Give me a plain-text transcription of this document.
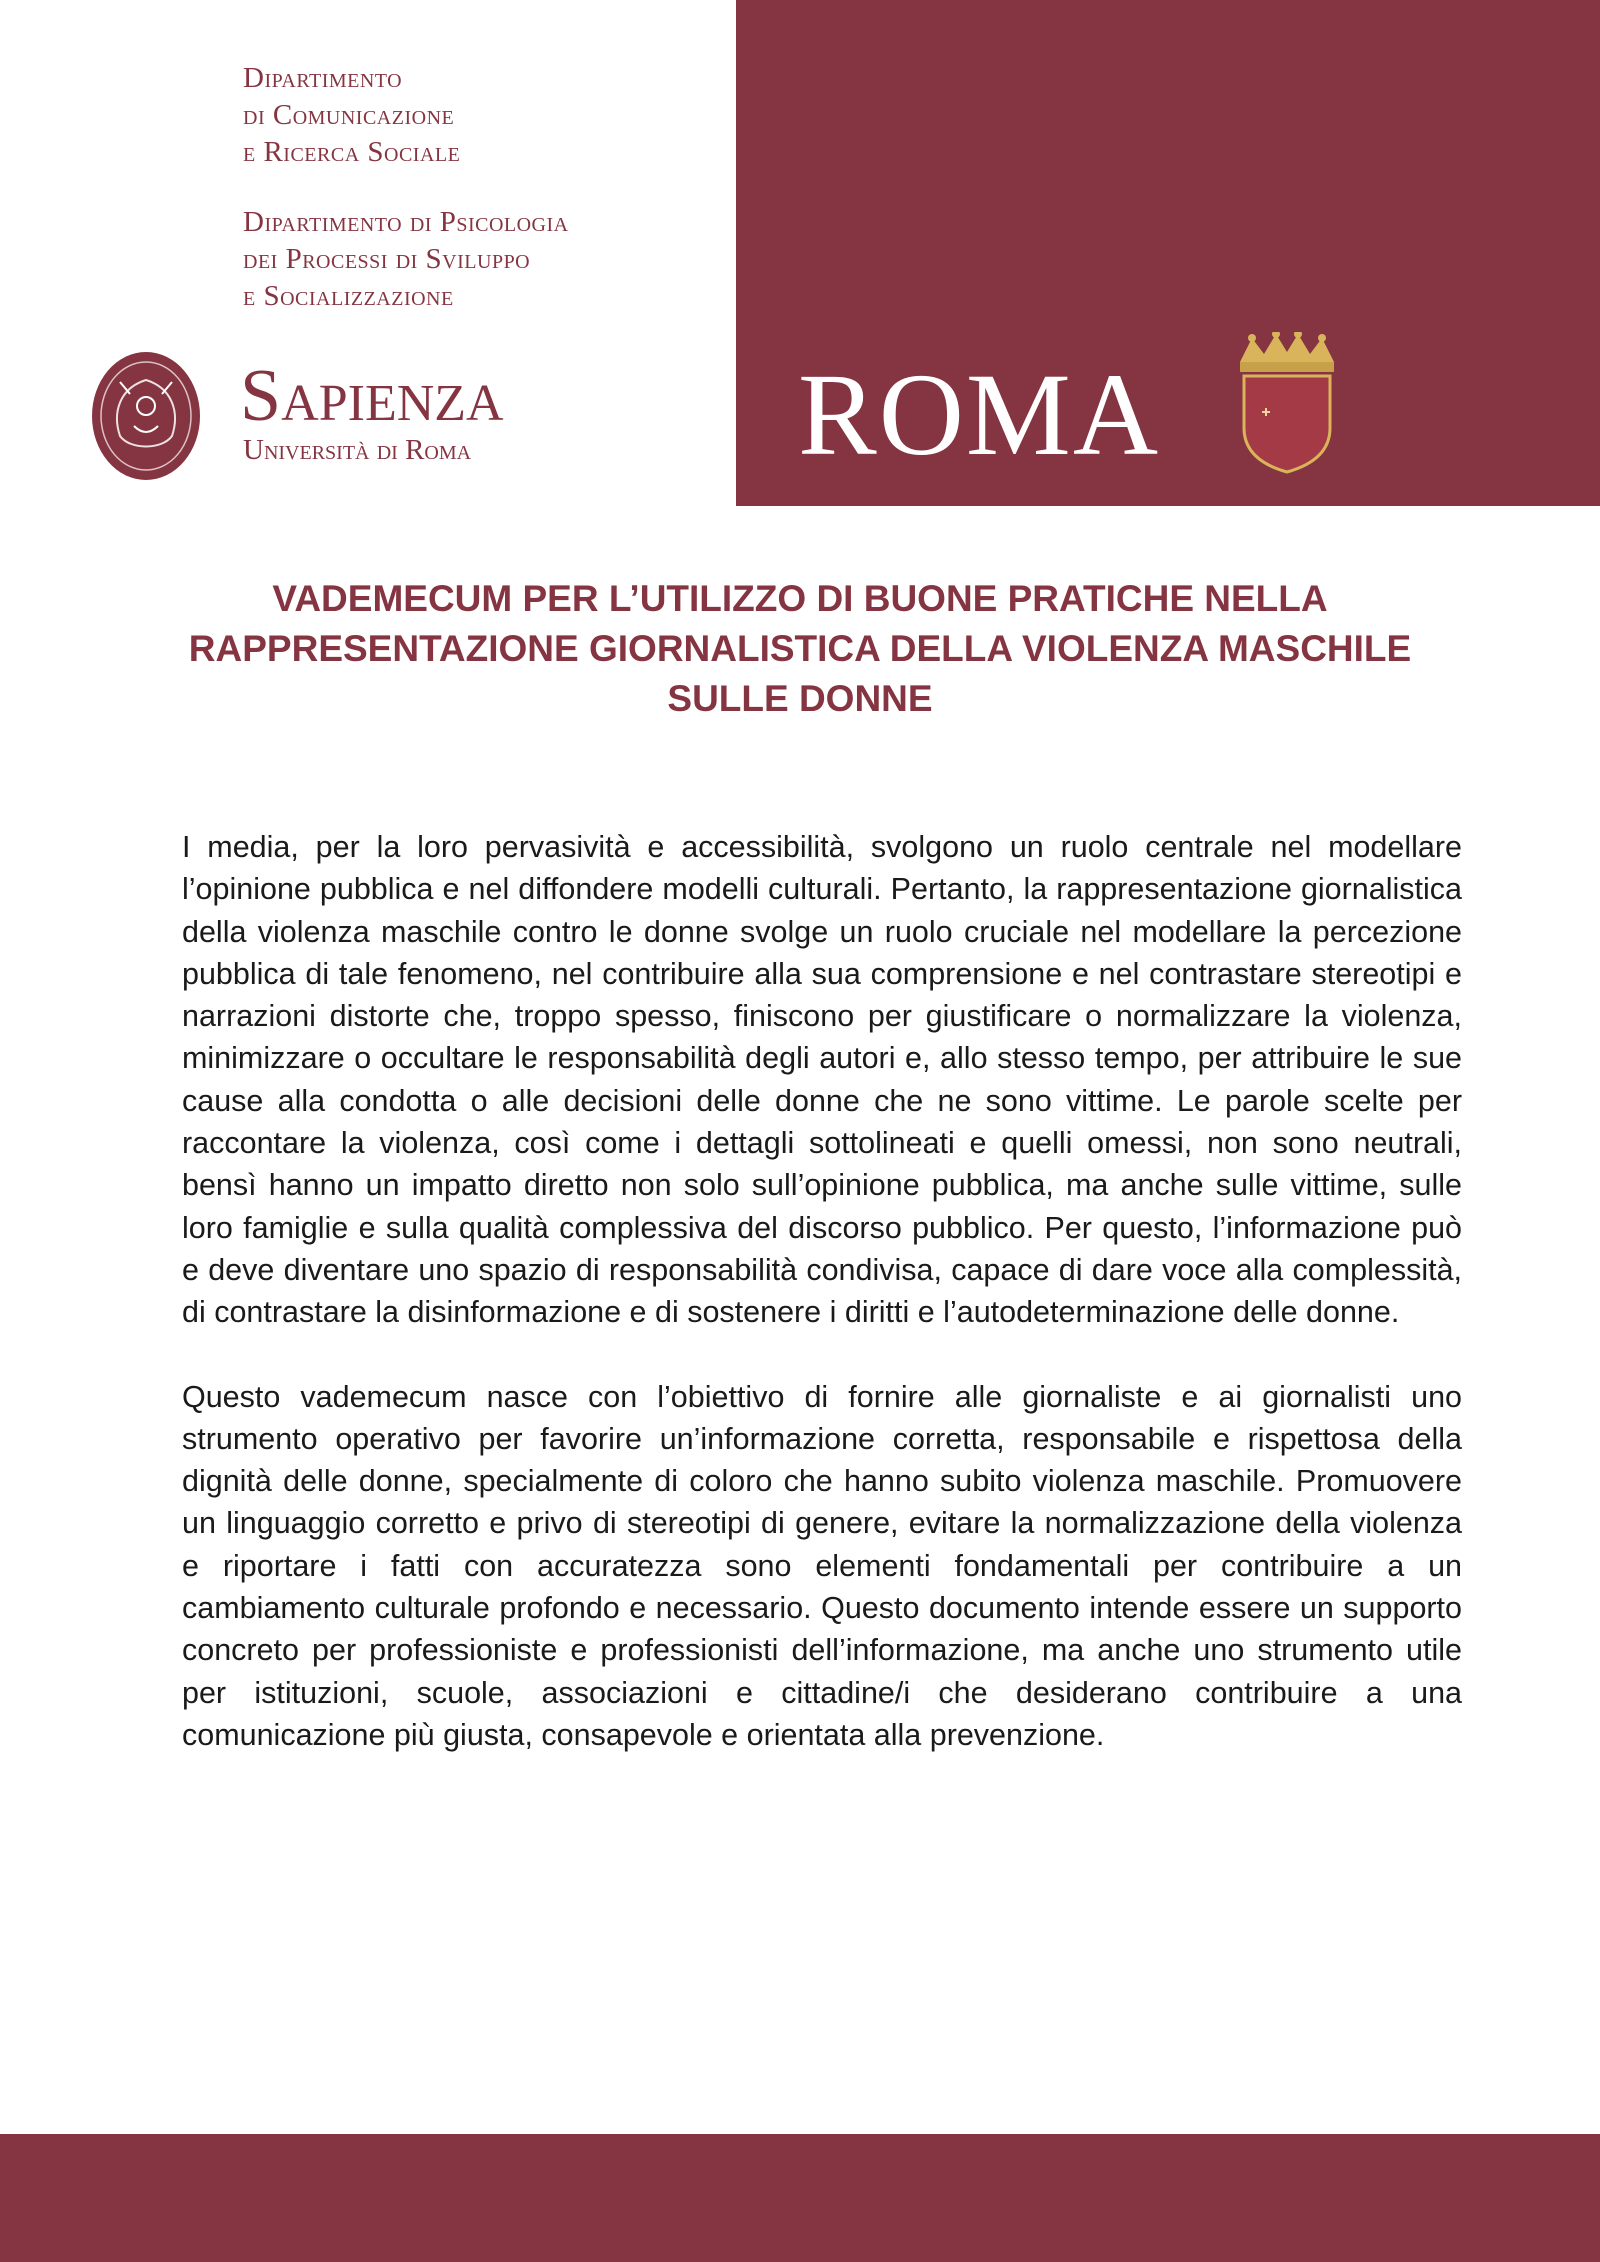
Dipartimento
di Comunicazione
e Ricerca Sociale
Dipartimento di Psicologia
dei Processi di Sviluppo
e Socializzazione
Sapienza
Università di Roma	ROMA
VADEMECUM PER L’UTILIZZO DI BUONE PRATICHE NELLA
RAPPRESENTAZIONE GIORNALISTICA DELLA VIOLENZA MASCHILE
SULLE DONNE

I media, per la loro pervasività e accessibilità, svolgono un ruolo centrale nel modellare l’opinione pubblica e nel diffondere modelli culturali. Pertanto, la rappresentazione giornalistica della violenza maschile contro le donne svolge un ruolo cruciale nel modellare la percezione pubblica di tale fenomeno, nel contribuire alla sua comprensione e nel contrastare stereotipi e narrazioni distorte che, troppo spesso, finiscono per giustificare o normalizzare la violenza, minimizzare o occultare le responsabilità degli autori e, allo stesso tempo, per attribuire le sue cause alla condotta o alle decisioni delle donne che ne sono vittime. Le parole scelte per raccontare la violenza, così come i dettagli sottolineati e quelli omessi, non sono neutrali, bensì hanno un impatto diretto non solo sull’opinione pubblica, ma anche sulle vittime, sulle loro famiglie e sulla qualità complessiva del discorso pubblico. Per questo, l’informazione può e deve diventare uno spazio di responsabilità condivisa, capace di dare voce alla complessità, di contrastare la disinformazione e di sostenere i diritti e l’autodeterminazione delle donne.

Questo vademecum nasce con l’obiettivo di fornire alle giornaliste e ai giornalisti uno strumento operativo per favorire un’informazione corretta, responsabile e rispettosa della dignità delle donne, specialmente di coloro che hanno subito violenza maschile. Promuovere un linguaggio corretto e privo di stereotipi di genere, evitare la normalizzazione della violenza e riportare i fatti con accuratezza sono elementi fondamentali per contribuire a un cambiamento culturale profondo e necessario. Questo documento intende essere un supporto concreto per professioniste e professionisti dell’informazione, ma anche uno strumento utile per istituzioni, scuole, associazioni e cittadine/i che desiderano contribuire a una comunicazione più giusta, consapevole e orientata alla prevenzione.
